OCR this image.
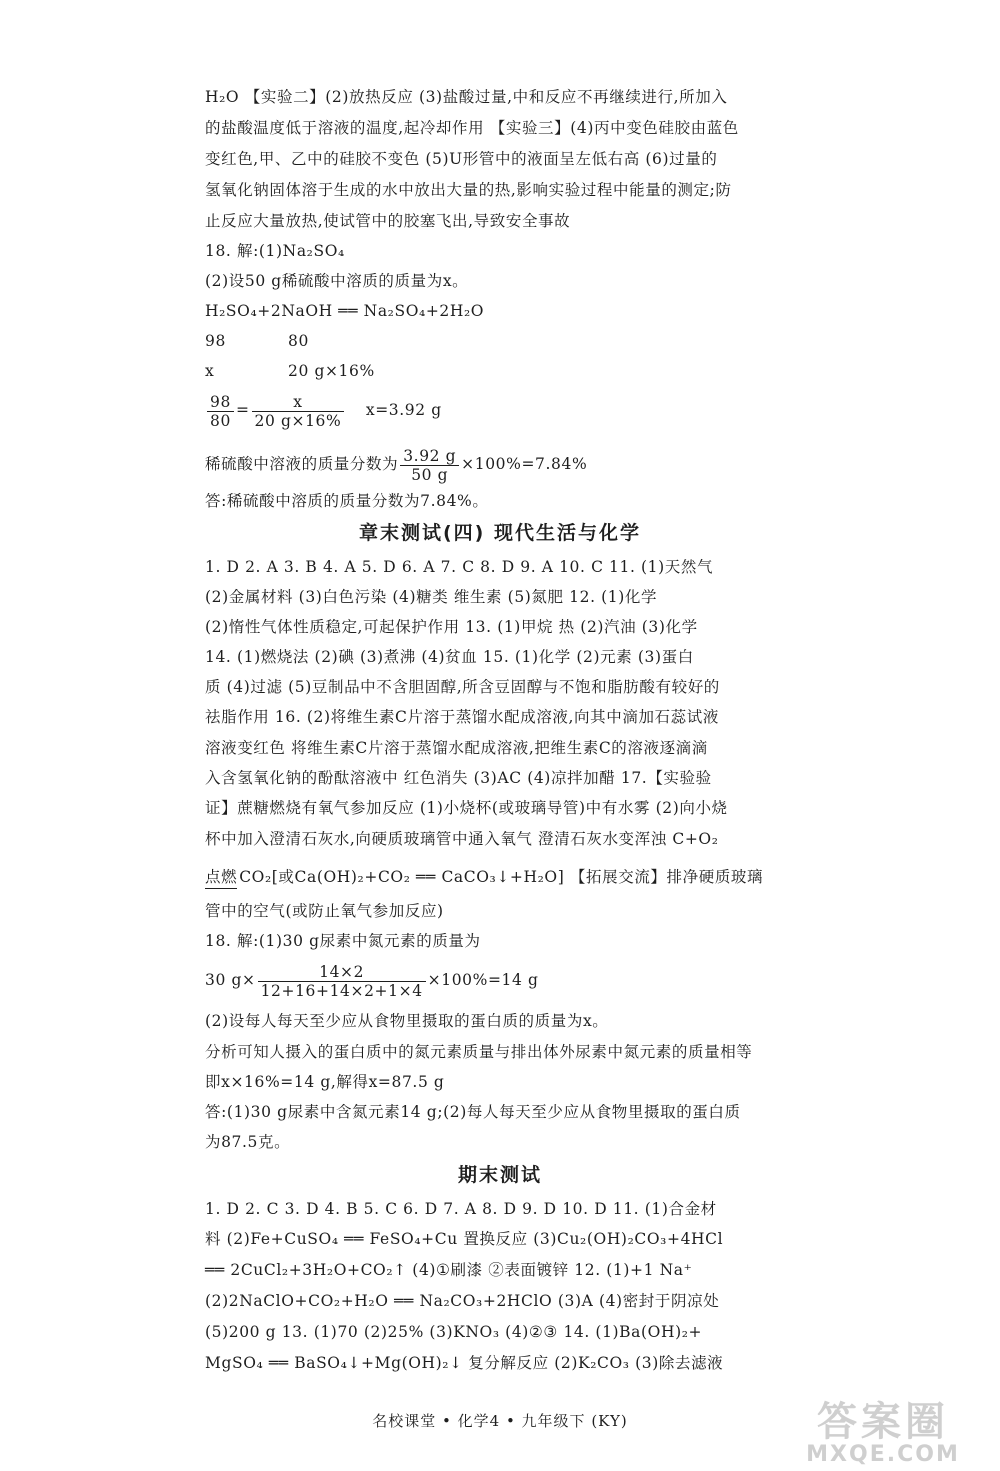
H₂O 【实验二】(2)放热反应 (3)盐酸过量,中和反应不再继续进行,所加入
的盐酸温度低于溶液的温度,起冷却作用 【实验三】(4)丙中变色硅胶由蓝色
变红色,甲、乙中的硅胶不变色 (5)U形管中的液面呈左低右高 (6)过量的
氢氧化钠固体溶于生成的水中放出大量的热,影响实验过程中能量的测定;防
止反应大量放热,使试管中的胶塞飞出,导致安全事故
18. 解:(1)Na₂SO₄
(2)设50 g稀硫酸中溶质的质量为x。
H₂SO₄+2NaOH ══ Na₂SO₄+2H₂O
98	80
x	20 g×16%
$\frac{98}{80} = \frac{x}{20 g\times 16\%} x=3.92$ g
稀硫酸中溶液的质量分数为 $\frac{3.92 g}{50 g} \times 100\%=7.84\%$
答:稀硫酸中溶质的质量分数为7.84%。
章末测试(四) 现代生活与化学
1. D 2. A 3. B 4. A 5. D 6. A 7. C 8. D 9. A 10. C 11. (1)天然气
(2)金属材料 (3)白色污染 (4)糖类 维生素 (5)氮肥 12. (1)化学
(2)惰性气体性质稳定,可起保护作用 13. (1)甲烷 热 (2)汽油 (3)化学
14. (1)燃烧法 (2)碘 (3)煮沸 (4)贫血 15. (1)化学 (2)元素 (3)蛋白
质 (4)过滤 (5)豆制品中不含胆固醇,所含豆固醇与不饱和脂肪酸有较好的
祛脂作用 16. (2)将维生素C片溶于蒸馏水配成溶液,向其中滴加石蕊试液
溶液变红色 将维生素C片溶于蒸馏水配成溶液,把维生素C的溶液逐滴滴
入含氢氧化钠的酚酞溶液中 红色消失 (3)AC (4)凉拌加醋 17.【实验验
证】蔗糖燃烧有氧气参加反应 (1)小烧杯(或玻璃导管)中有水雾 (2)向小烧
杯中加入澄清石灰水,向硬质玻璃管中通入氧气 澄清石灰水变浑浊 C+O₂
点燃 CO₂[或Ca(OH)₂+CO₂ ══ CaCO₃↓+H₂O] 【拓展交流】排净硬质玻璃
管中的空气(或防止氧气参加反应)
18. 解:(1)30 g尿素中氮元素的质量为
30 $g\times \frac{14\times 2}{12+16+14\times 2+1\times 4} \times 100\%=14$ g
(2)设每人每天至少应从食物里摄取的蛋白质的质量为x。
分析可知人摄入的蛋白质中的氮元素质量与排出体外尿素中氮元素的质量相等
即x×16%=14 g,解得x=87.5 g
答:(1)30 g尿素中含氮元素14 g;(2)每人每天至少应从食物里摄取的蛋白质
为87.5克。
期末测试
1. D 2. C 3. D 4. B 5. C 6. D 7. A 8. D 9. D 10. D 11. (1)合金材
料 (2)Fe+CuSO₄ ══ FeSO₄+Cu 置换反应 (3)Cu₂(OH)₂CO₃+4HCl
══ 2CuCl₂+3H₂O+CO₂↑ (4)①刷漆 ②表面镀锌 12. (1)+1 Na⁺
(2)2NaClO+CO₂+H₂O ══ Na₂CO₃+2HClO (3)A (4)密封于阴凉处
(5)200 g 13. (1)70 (2)25% (3)KNO₃ (4)②③ 14. (1)Ba(OH)₂+
MgSO₄ ══ BaSO₄↓+Mg(OH)₂↓ 复分解反应 (2)K₂CO₃ (3)除去滤液
名校课堂 • 化学4 • 九年级下 (KY)	答案圈
MXQE.COM
